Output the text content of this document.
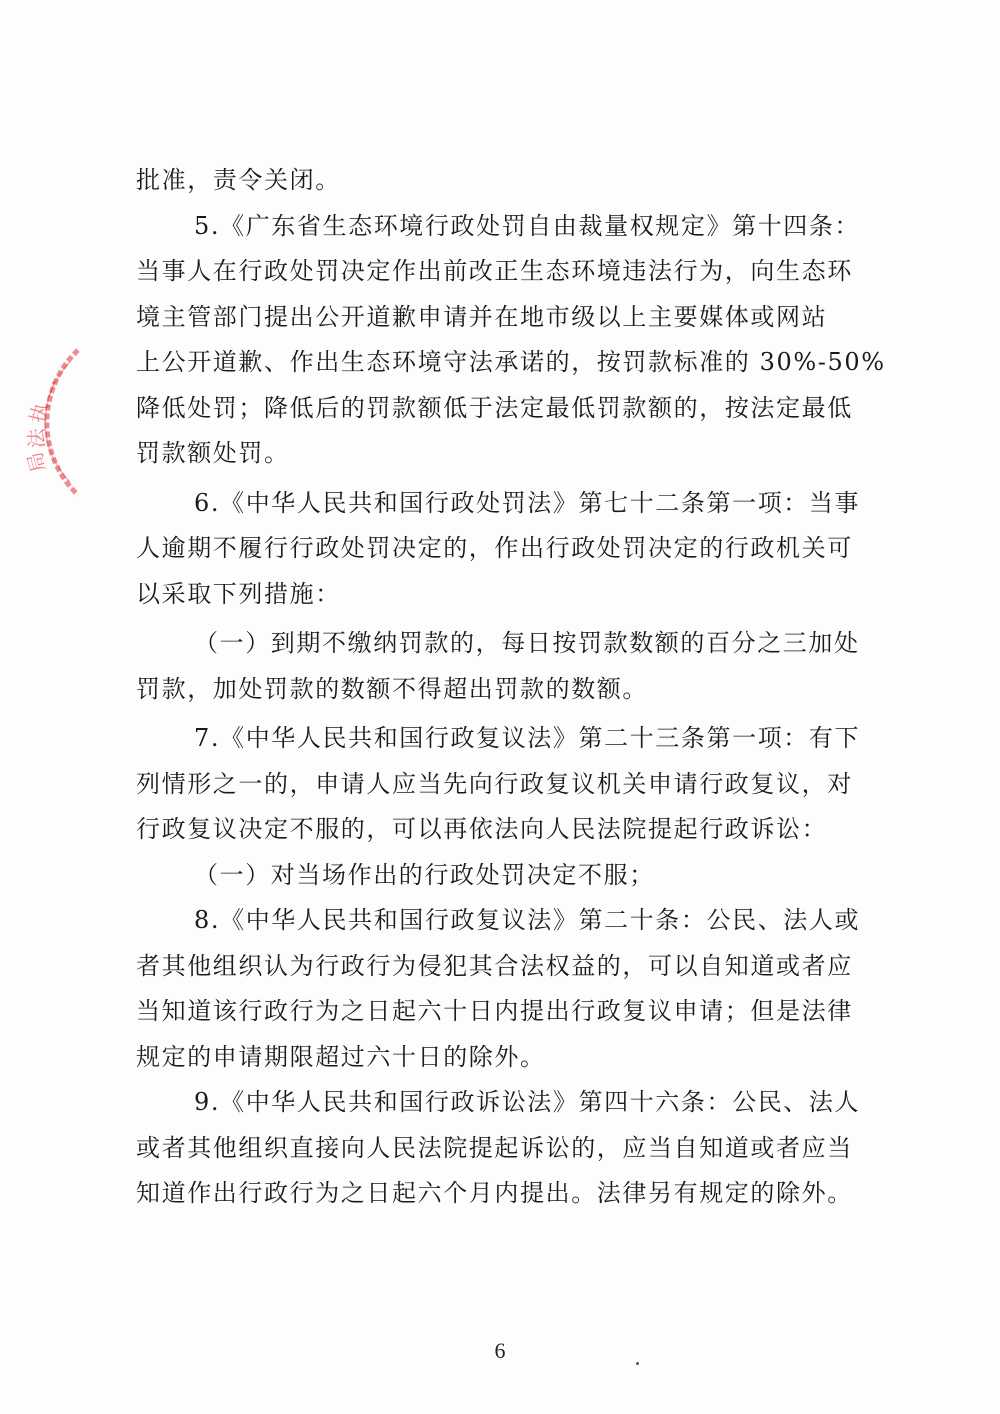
一
执
法
局
批准，责令关闭。
5.《广东省生态环境行政处罚自由裁量权规定》第十四条：
当事人在行政处罚决定作出前改正生态环境违法行为，向生态环
境主管部门提出公开道歉申请并在地市级以上主要媒体或网站
上公开道歉、作出生态环境守法承诺的，按罚款标准的 30%-50%
降低处罚；降低后的罚款额低于法定最低罚款额的，按法定最低
罚款额处罚。
6.《中华人民共和国行政处罚法》第七十二条第一项：当事
人逾期不履行行政处罚决定的，作出行政处罚决定的行政机关可
以采取下列措施：
（一）到期不缴纳罚款的，每日按罚款数额的百分之三加处
罚款，加处罚款的数额不得超出罚款的数额。
7.《中华人民共和国行政复议法》第二十三条第一项：有下
列情形之一的，申请人应当先向行政复议机关申请行政复议，对
行政复议决定不服的，可以再依法向人民法院提起行政诉讼：
（一）对当场作出的行政处罚决定不服；
8.《中华人民共和国行政复议法》第二十条：公民、法人或
者其他组织认为行政行为侵犯其合法权益的，可以自知道或者应
当知道该行政行为之日起六十日内提出行政复议申请；但是法律
规定的申请期限超过六十日的除外。
9.《中华人民共和国行政诉讼法》第四十六条：公民、法人
或者其他组织直接向人民法院提起诉讼的，应当自知道或者应当
知道作出行政行为之日起六个月内提出。法律另有规定的除外。
6
